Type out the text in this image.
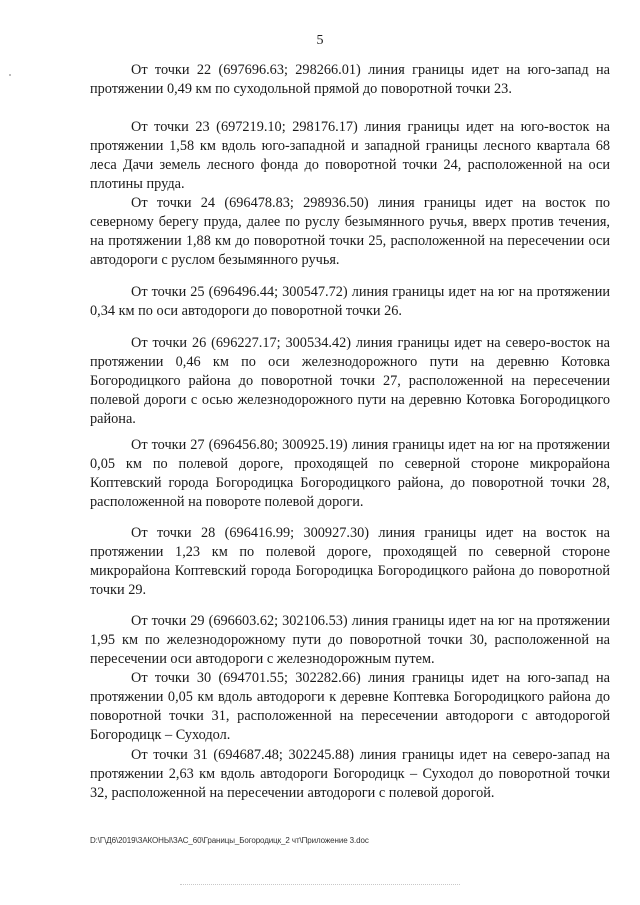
5

От точки 22 (697696.63; 298266.01) линия границы идет на юго-запад на протяжении 0,49 км по суходольной прямой до поворотной точки 23.

От точки 23 (697219.10; 298176.17) линия границы идет на юго-восток на протяжении 1,58 км вдоль юго-западной и западной границы лесного квартала 68 леса Дачи земель лесного фонда до поворотной точки 24, расположенной на оси плотины пруда.

От точки 24 (696478.83; 298936.50) линия границы идет на восток по северному берегу пруда, далее по руслу безымянного ручья, вверх против течения, на протяжении 1,88 км до поворотной точки 25, расположенной на пересечении оси автодороги с руслом безымянного ручья.

От точки 25 (696496.44; 300547.72) линия границы идет на юг на протяжении 0,34 км по оси автодороги до поворотной точки 26.

От точки 26 (696227.17; 300534.42) линия границы идет на северо-восток на протяжении 0,46 км по оси железнодорожного пути на деревню Котовка Богородицкого района до поворотной точки 27, расположенной на пересечении полевой дороги с осью железнодорожного пути на деревню Котовка Богородицкого района.

От точки 27 (696456.80; 300925.19) линия границы идет на юг на протяжении 0,05 км по полевой дороге, проходящей по северной стороне микрорайона Коптевский города Богородицка Богородицкого района, до поворотной точки 28, расположенной на повороте полевой дороги.

От точки 28 (696416.99; 300927.30) линия границы идет на восток на протяжении 1,23 км по полевой дороге, проходящей по северной стороне микрорайона Коптевский города Богородицка Богородицкого района до поворотной точки 29.

От точки 29 (696603.62; 302106.53) линия границы идет на юг на протяжении 1,95 км по железнодорожному пути до поворотной точки 30, расположенной на пересечении оси автодороги с железнодорожным путем.

От точки 30 (694701.55; 302282.66) линия границы идет на юго-запад на протяжении 0,05 км вдоль автодороги к деревне Коптевка Богородицкого района до поворотной точки 31, расположенной на пересечении автодороги с автодорогой Богородицк – Суходол.

От точки 31 (694687.48; 302245.88) линия границы идет на северо-запад на протяжении 2,63 км вдоль автодороги Богородицк – Суходол до поворотной точки 32, расположенной на пересечении автодороги с полевой дорогой.

D:\Г\Д6\2019\ЗАКОНЫ\ЗАС_60\Границы_Богородицк_2 чт\Приложение 3.doc
